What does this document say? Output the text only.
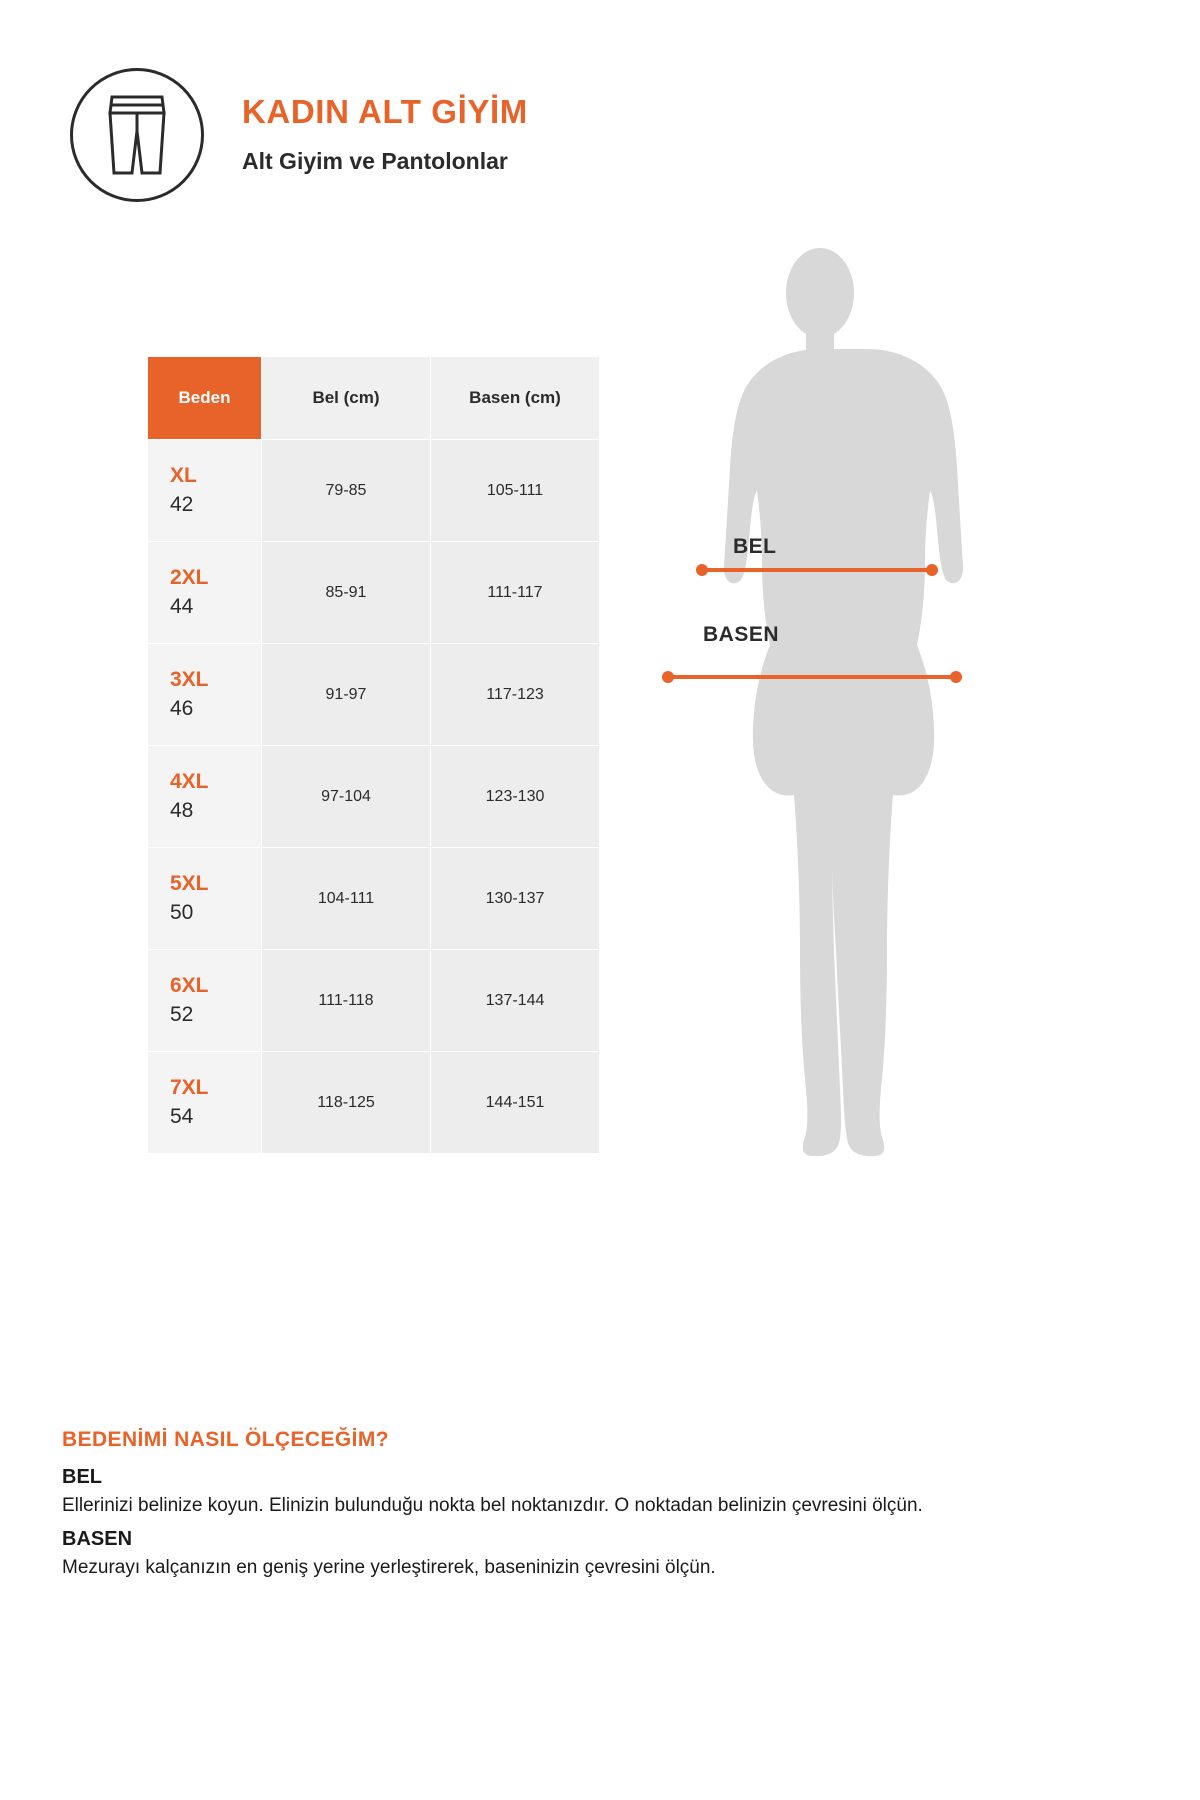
KADIN ALT GİYİM
Alt Giyim ve Pantolonlar
Beden	Bel (cm)	Basen (cm)

XL
42	79-85	105-111

2XL
44	85-91	111-117

3XL
46	91-97	117-123

4XL
48	97-104	123-130

5XL
50	104-111	130-137

6XL
52	111-118	137-144

7XL
54	118-125	144-151
BEL
BASEN

BEDENİMİ NASIL ÖLÇECEĞİM?

BEL

Ellerinizi belinize koyun. Elinizin bulunduğu nokta bel noktanızdır. O noktadan belinizin çevresini ölçün.

BASEN

Mezurayı kalçanızın en geniş yerine yerleştirerek, baseninizin çevresini ölçün.
